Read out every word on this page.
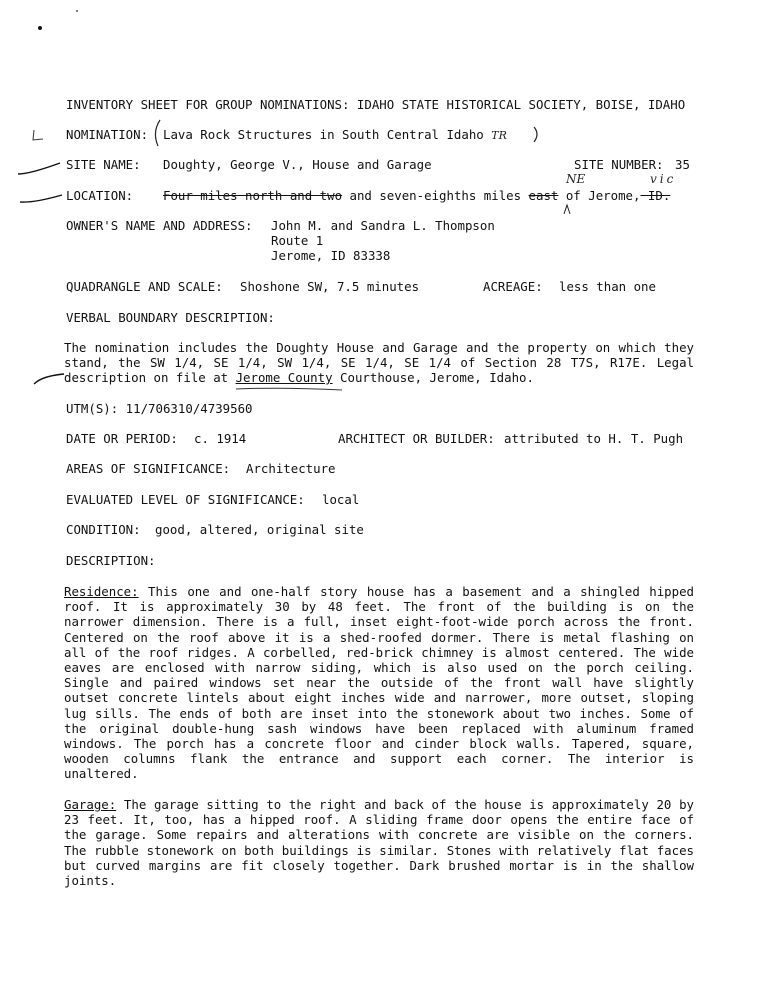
INVENTORY SHEET FOR GROUP NOMINATIONS: IDAHO STATE HISTORICAL SOCIETY, BOISE, IDAHO
NOMINATION: Lava Rock Structures in South Central Idaho TR
SITE NAME: Doughty, George V., House and Garage	SITE NUMBER: 35
LOCATION: Four miles north and two and seven-eighths miles east of Jerome, ID.
NE	vic
OWNER'S NAME AND ADDRESS: John M. and Sandra L. Thompson
Route 1
Jerome, ID 83338
QUADRANGLE AND SCALE: Shoshone SW, 7.5 minutes	ACREAGE: less than one
VERBAL BOUNDARY DESCRIPTION:
The nomination includes the Doughty House and Garage and the property on which they stand, the SW 1/4, SE 1/4, SW 1/4, SE 1/4, SE 1/4 of Section 28 T7S, R17E. Legal description on file at Jerome County Courthouse, Jerome, Idaho.
UTM(S): 11/706310/4739560
DATE OR PERIOD: c. 1914	ARCHITECT OR BUILDER: attributed to H. T. Pugh
AREAS OF SIGNIFICANCE: Architecture
EVALUATED LEVEL OF SIGNIFICANCE: local
CONDITION: good, altered, original site
DESCRIPTION:
Residence: This one and one-half story house has a basement and a shingled hipped roof. It is approximately 30 by 48 feet. The front of the building is on the narrower dimension. There is a full, inset eight-foot-wide porch across the front. Centered on the roof above it is a shed-roofed dormer. There is metal flashing on all of the roof ridges. A corbelled, red-brick chimney is almost centered. The wide eaves are enclosed with narrow siding, which is also used on the porch ceiling. Single and paired windows set near the outside of the front wall have slightly outset concrete lintels about eight inches wide and narrower, more outset, sloping lug sills. The ends of both are inset into the stonework about two inches. Some of the original double-hung sash windows have been replaced with aluminum framed windows. The porch has a concrete floor and cinder block walls. Tapered, square, wooden columns flank the entrance and support each corner. The interior is unaltered.
Garage: The garage sitting to the right and back of the house is approximately 20 by 23 feet. It, too, has a hipped roof. A sliding frame door opens the entire face of the garage. Some repairs and alterations with concrete are visible on the corners. The rubble stonework on both buildings is similar. Stones with relatively flat faces but curved margins are fit closely together. Dark brushed mortar is in the shallow joints.
